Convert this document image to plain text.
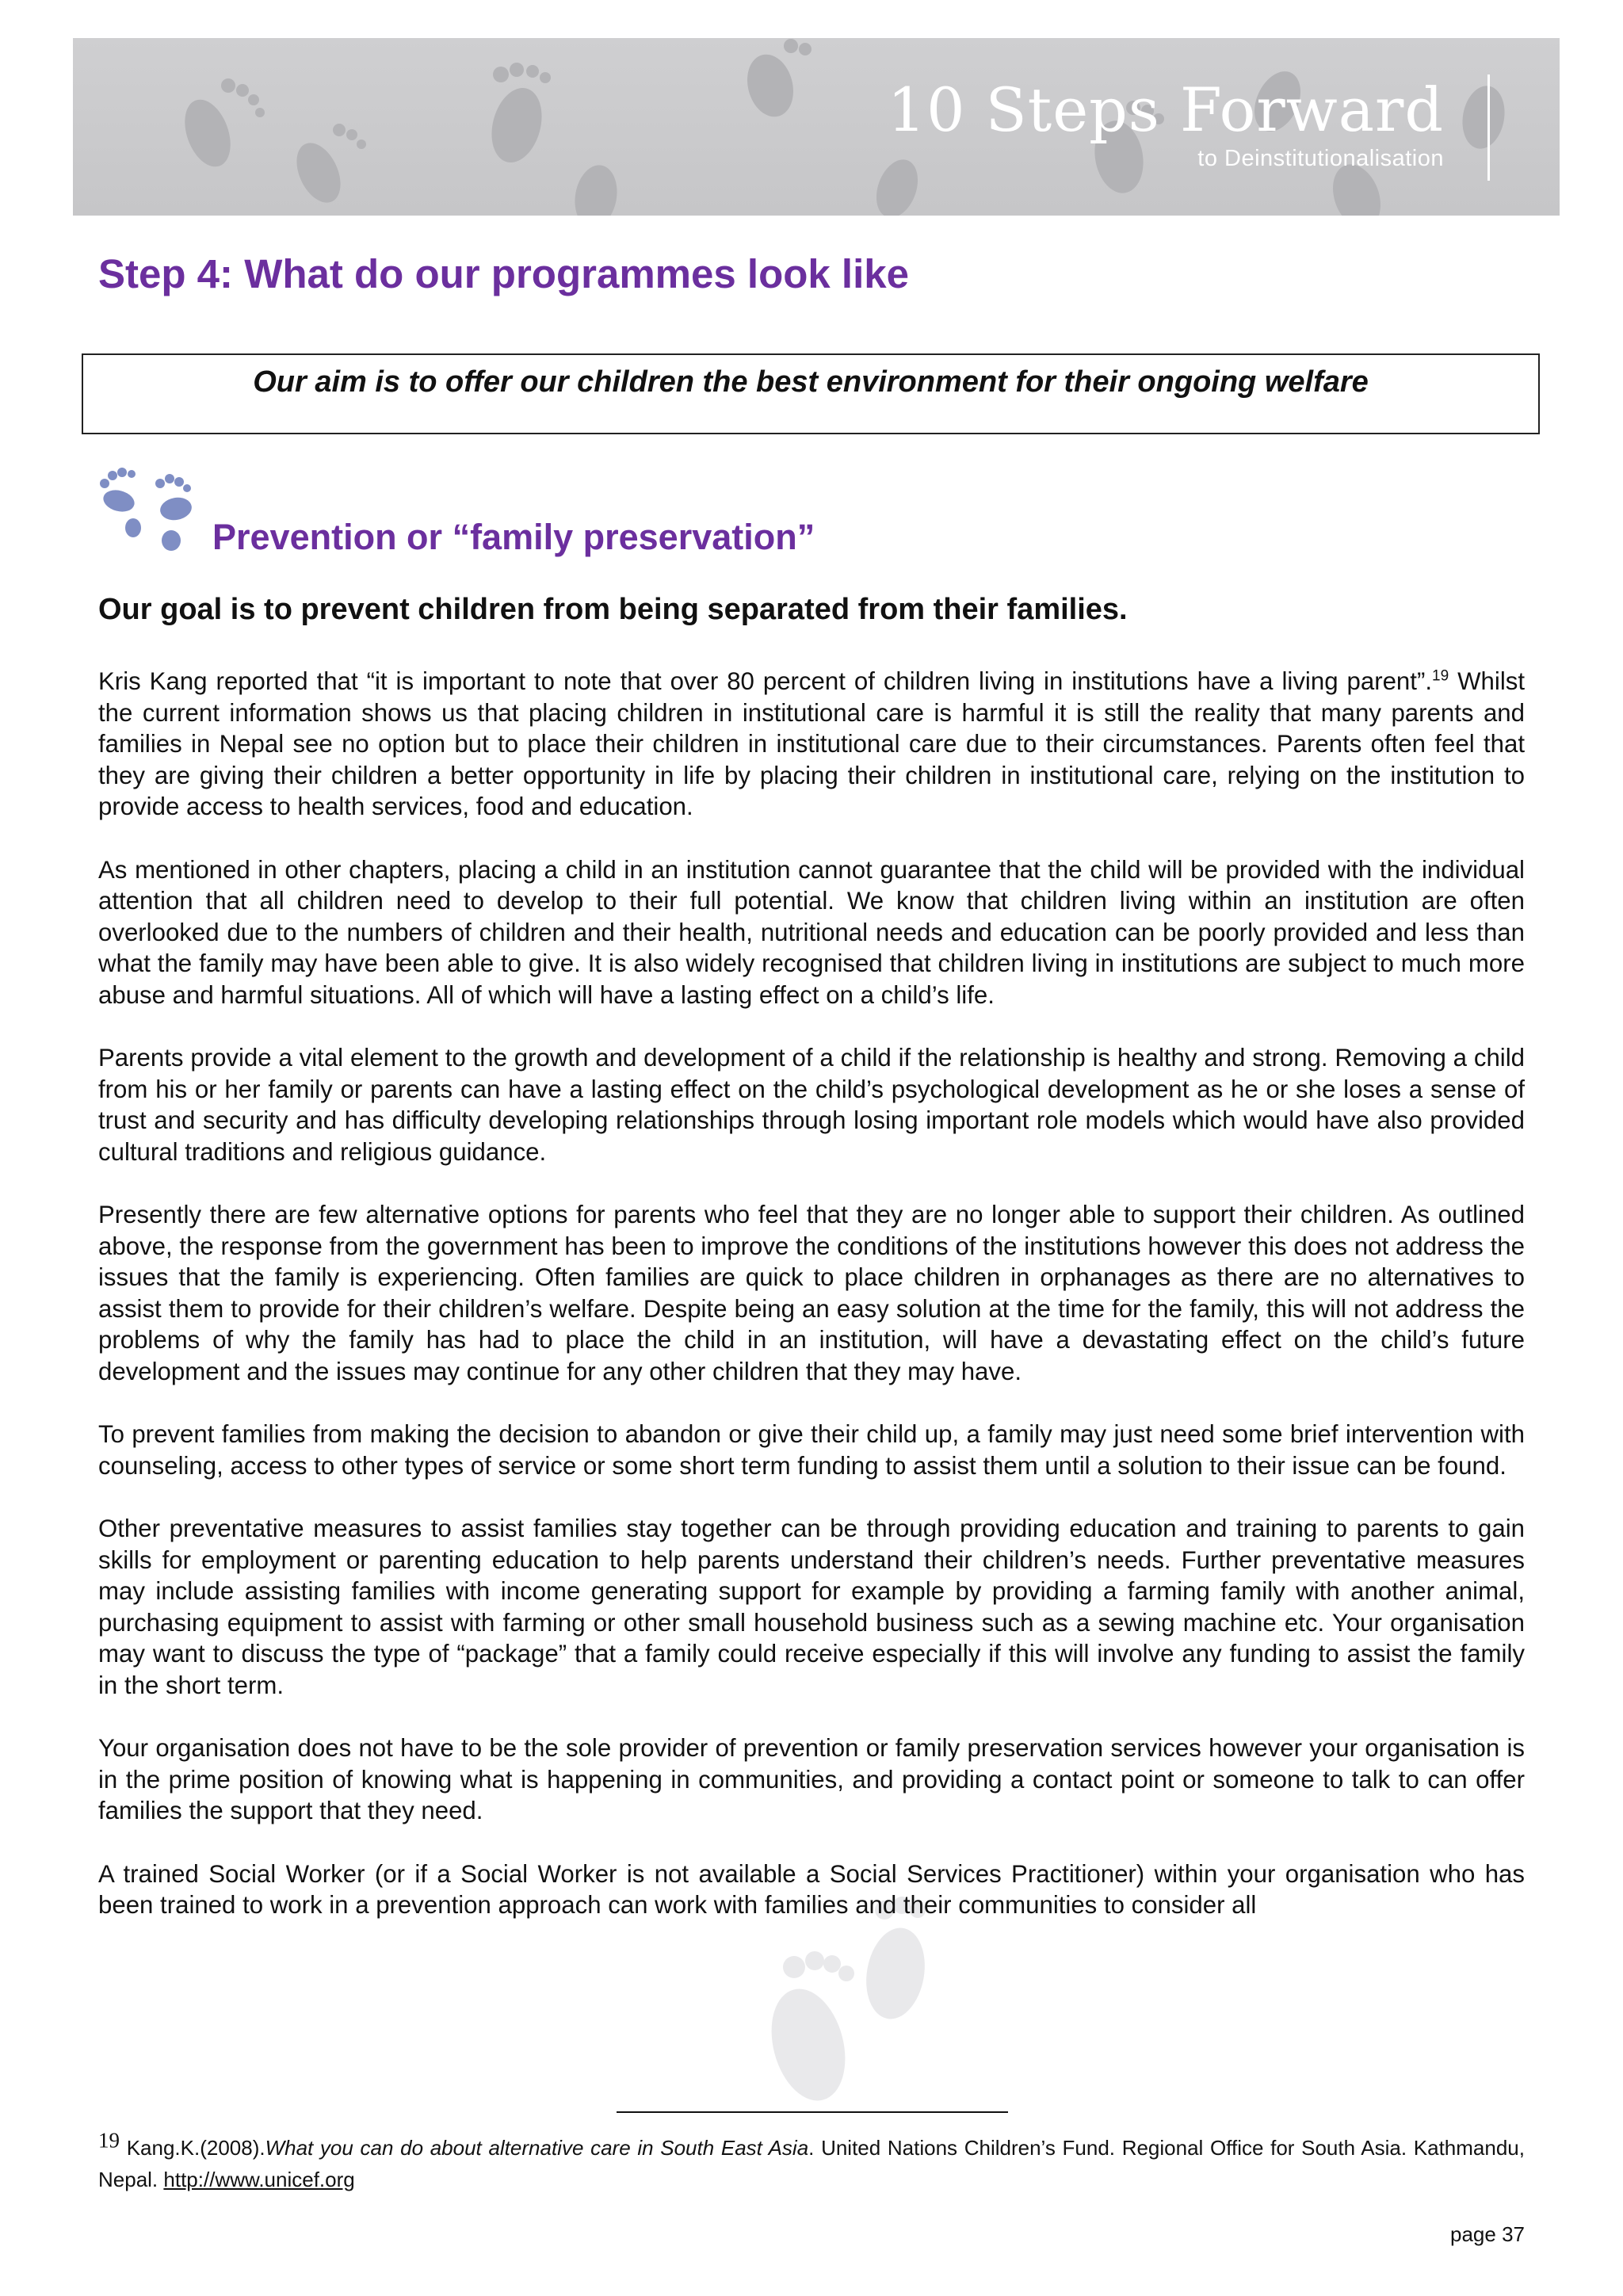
10 Steps Forward
to Deinstitutionalisation
Step 4: What do our programmes look like
Our aim is to offer our children the best environment for their ongoing welfare
Prevention or “family preservation”

Our goal is to prevent children from being separated from their families.

Kris Kang reported that “it is important to note that over 80 percent of children living in institutions have a living parent”.$^{19}$ Whilst the current information shows us that placing children in institutional care is harmful it is still the reality that many parents and families in Nepal see no option but to place their children in institutional care due to their circumstances. Parents often feel that they are giving their children a better opportunity in life by placing their children in institutional care, relying on the institution to provide access to health services, food and education.

As mentioned in other chapters, placing a child in an institution cannot guarantee that the child will be provided with the individual attention that all children need to develop to their full potential. We know that children living within an institution are often overlooked due to the numbers of children and their health, nutritional needs and education can be poorly provided and less than what the family may have been able to give. It is also widely recognised that children living in institutions are subject to much more abuse and harmful situations. All of which will have a lasting effect on a child’s life.

Parents provide a vital element to the growth and development of a child if the relationship is healthy and strong. Removing a child from his or her family or parents can have a lasting effect on the child’s psychological development as he or she loses a sense of trust and security and has difficulty developing relationships through losing important role models which would have also provided cultural traditions and religious guidance.

Presently there are few alternative options for parents who feel that they are no longer able to support their children. As outlined above, the response from the government has been to improve the conditions of the institutions however this does not address the issues that the family is experiencing. Often families are quick to place children in orphanages as there are no alternatives to assist them to provide for their children’s welfare. Despite being an easy solution at the time for the family, this will not address the problems of why the family has had to place the child in an institution, will have a devastating effect on the child’s future development and the issues may continue for any other children that they may have.

To prevent families from making the decision to abandon or give their child up, a family may just need some brief intervention with counseling, access to other types of service or some short term funding to assist them until a solution to their issue can be found.

Other preventative measures to assist families stay together can be through providing education and training to parents to gain skills for employment or parenting education to help parents understand their children’s needs. Further preventative measures may include assisting families with income generating support for example by providing a farming family with another animal, purchasing equipment to assist with farming or other small household business such as a sewing machine etc. Your organisation may want to discuss the type of “package” that a family could receive especially if this will involve any funding to assist the family in the short term.

Your organisation does not have to be the sole provider of prevention or family preservation services however your organisation is in the prime position of knowing what is happening in communities, and providing a contact point or someone to talk to can offer families the support that they need.

A trained Social Worker (or if a Social Worker is not available a Social Services Practitioner) within your organisation who has been trained to work in a prevention approach can work with families and their communities to consider all

19 Kang.K.(2008).What you can do about alternative care in South East Asia. United Nations Children’s Fund. Regional Office for South Asia. Kathmandu, Nepal. http://www.unicef.org

page 37
